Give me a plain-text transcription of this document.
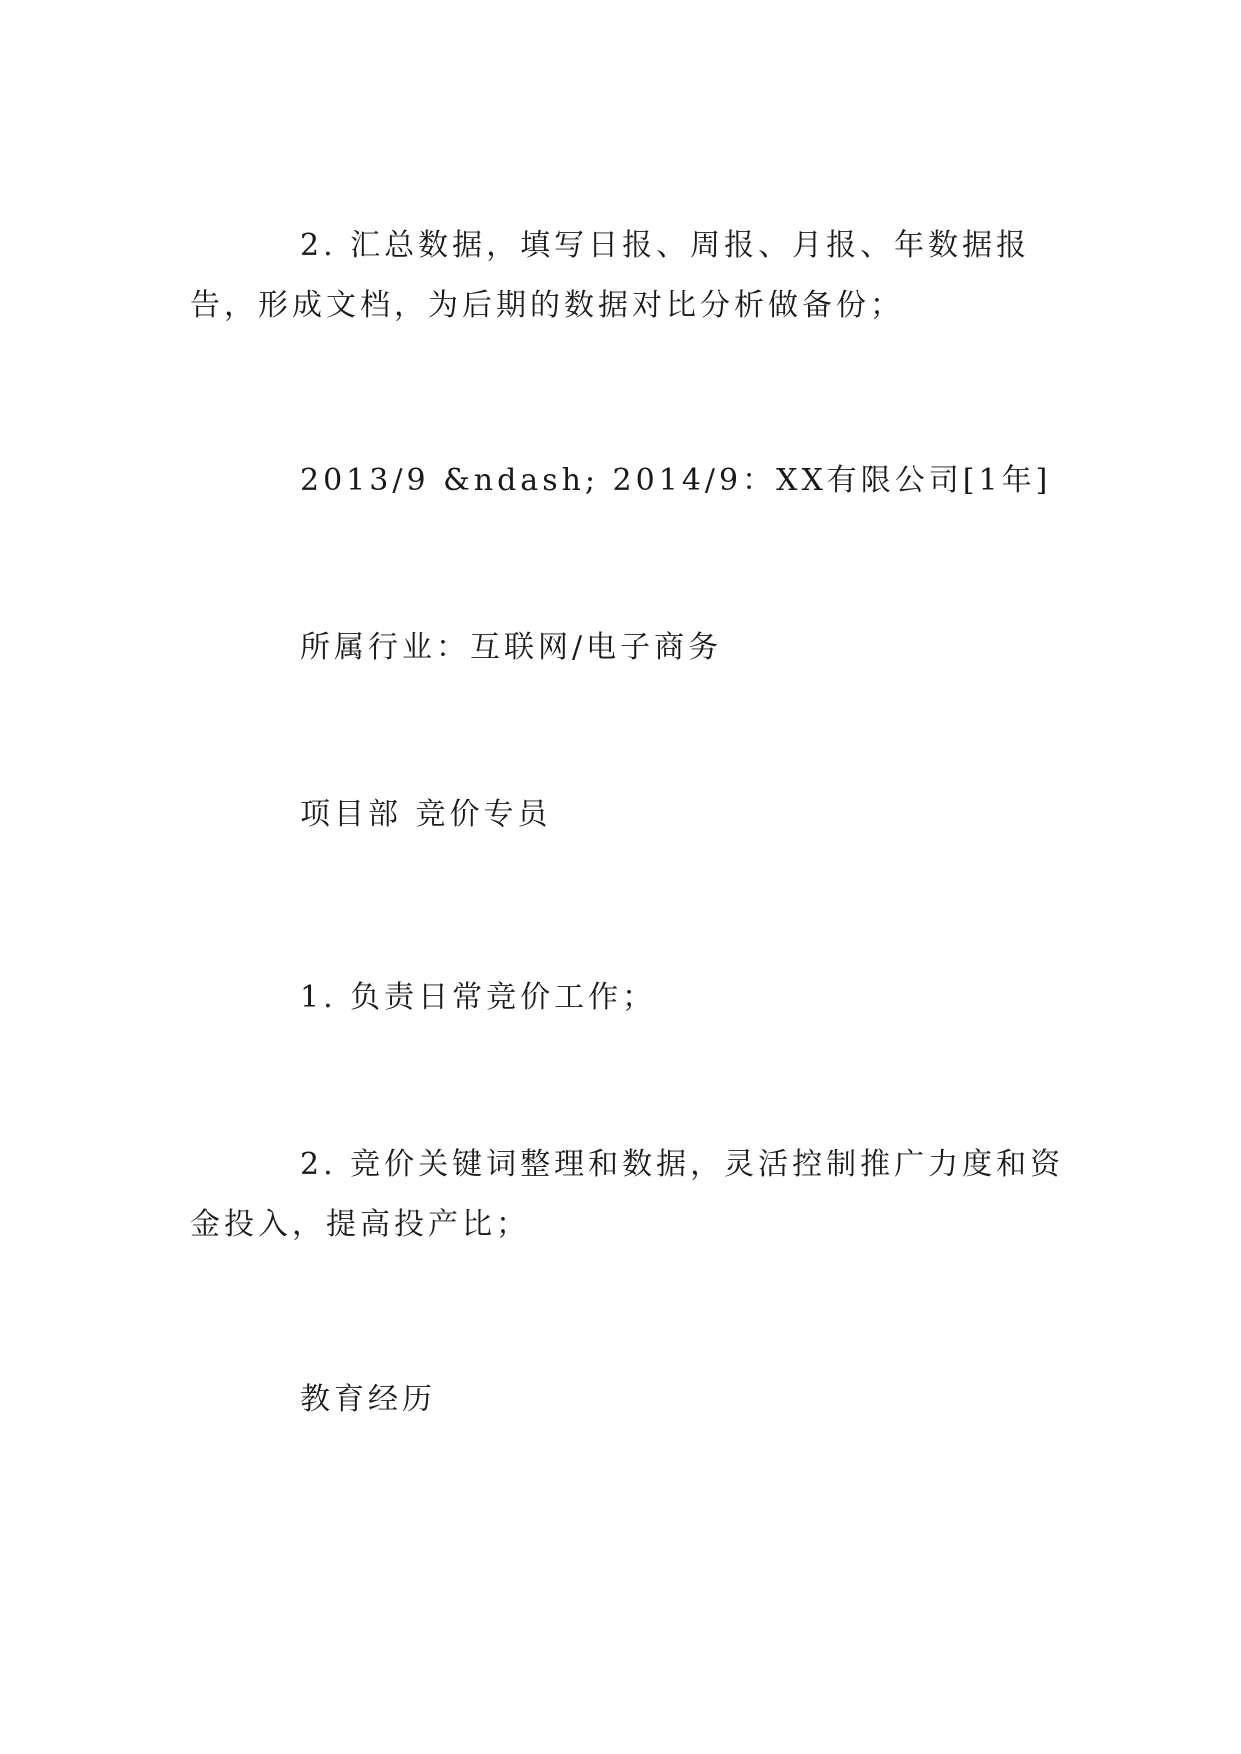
2. 汇总数据，填写日报、周报、月报、年数据报告，形成文档，为后期的数据对比分析做备份；
2013/9 &ndash; 2014/9：XX有限公司[1年]
所属行业：互联网/电子商务
项目部 竞价专员
1. 负责日常竞价工作；
2. 竞价关键词整理和数据，灵活控制推广力度和资金投入，提高投产比；
教育经历
